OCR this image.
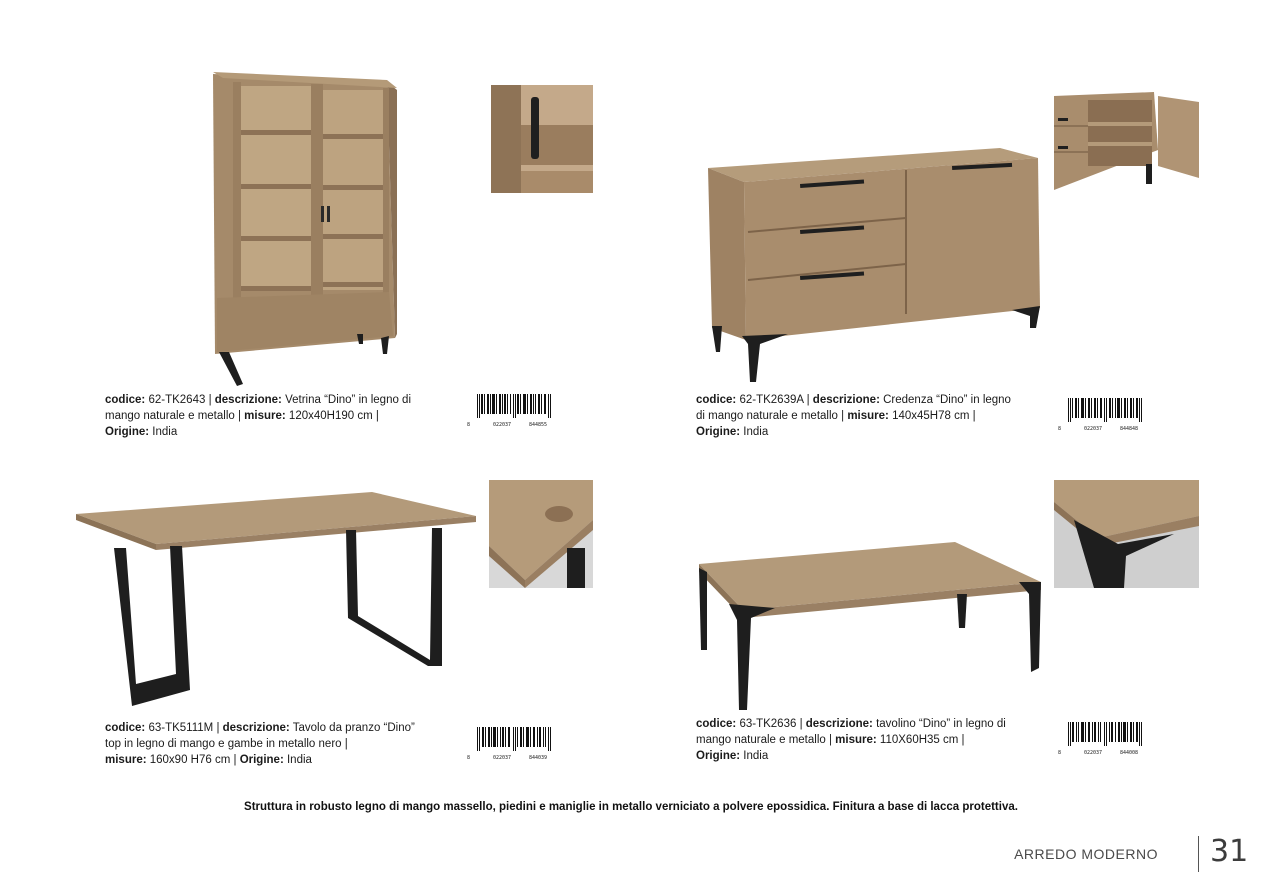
codice: 62-TK2643 | descrizione: Vetrina “Dino” in legno di
mango naturale e metallo | misure: 120x40H190 cm |
Origine: India
8	022037	844855
codice: 62-TK2639A | descrizione: Credenza “Dino” in legno
di mango naturale e metallo | misure: 140x45H78 cm |
Origine: India	8	022037	844848
codice: 63-TK5111M | descrizione: Tavolo da pranzo “Dino”
top in legno di mango e gambe in metallo nero |
misure: 160x90 H76 cm | Origine: India	8	022037	844039
codice: 63-TK2636 | descrizione: tavolino “Dino” in legno di
mango naturale e metallo | misure: 110X60H35 cm |
Origine: India	8	022037	844008
Struttura in robusto legno di mango massello, piedini e maniglie in metallo verniciato a polvere epossidica. Finitura a base di lacca protettiva.
ARREDO MODERNO 31
